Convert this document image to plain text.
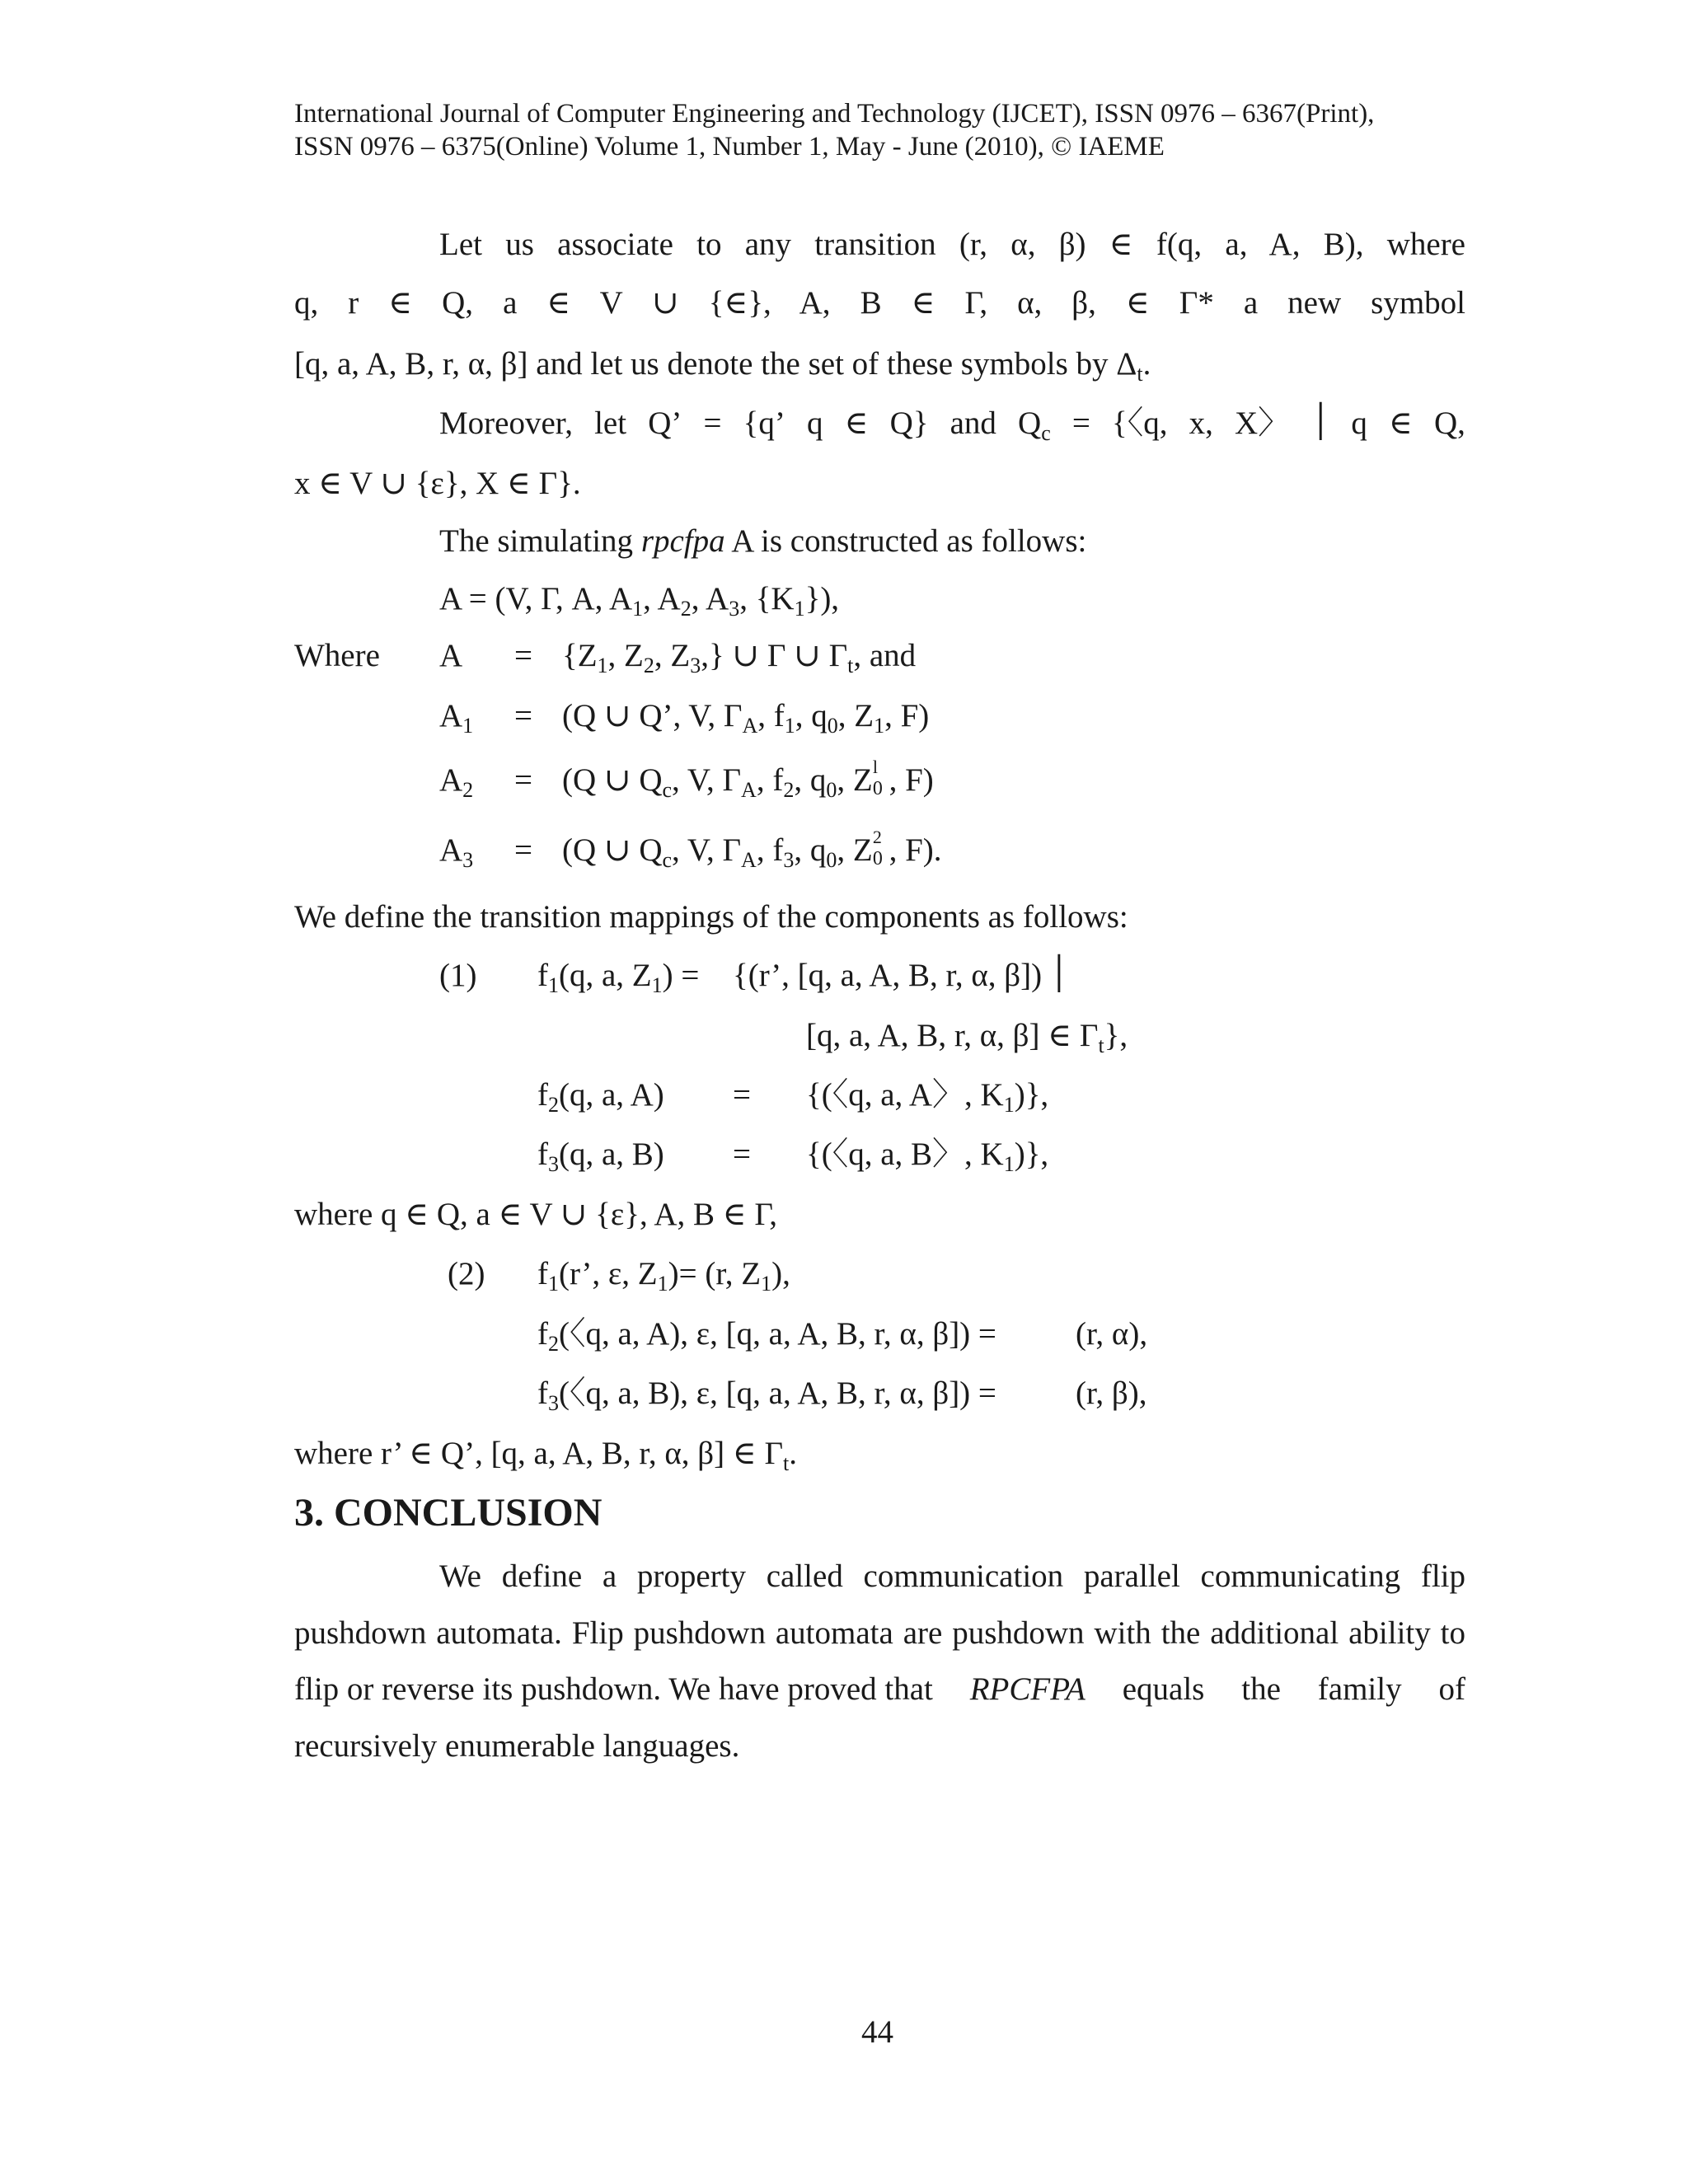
International Journal of Computer Engineering and Technology (IJCET), ISSN 0976 – 6367(Print),
ISSN 0976 – 6375(Online) Volume 1, Number 1, May - June (2010), © IAEME
Let us associate to any transition (r, α, β) ∈ f(q, a, A, B), where
q, r ∈ Q, a ∈ V ∪ {∈}, A, B ∈ Γ, α, β, ∈ Γ* a new symbol
[q, a, A, B, r, α, β] and let us denote the set of these symbols by $\Delta_t$.
Moreover, let Q’ = {q’ q ∈ Q} and $Q_c$ = {〈q, x, X〉 ׀ q ∈ Q,
x ∈ V ∪ {ε}, X ∈ Γ}.
The simulating rpcfpa A is constructed as follows:
A = (V, Γ, A, $A_1$, $A_2$, $A_3$, $\{K_1\}$),
Where $A = \{Z_1$, $Z_2$, $Z_3$,} ∪ Γ ∪ $\Gamma_t$, and
$A_1 = (Q$ ∪ Q’, V, $\Gamma_A$, $f_1$, $q_0$, $Z_1$, F)
$A_2 = (Q$ ∪ $Q_c$, V, $\Gamma_A$, $f_2$, $q_0$, Z l
0
, F)
$A_3 = (Q$ ∪ $Q_c$, V, $\Gamma_A$, $f_3$, $q_0$, Z 2
0
, F).
We define the transition mappings of the components as follows:
(1) $f_1(q$, a, $Z_1) = \{(r$’, [q, a, A, B, r, α, β]) ׀
[q, a, A, B, r, α, β] ∈ $\Gamma_t$},
$f_2(q$, a, A) = {(〈q, a, A〉, $K_1$)},
$f_3(q$, a, B) = {(〈q, a, B〉, $K_1$)},
where q ∈ Q, a ∈ V ∪ {ε}, A, B ∈ Γ,
(2) $f_1(r$’, ε, $Z_1)= (r$, $Z_1$),
$f_2$(〈q, a, A), ε, [q, a, A, B, r, α, β]) = (r, α),
$f_3$(〈q, a, B), ε, [q, a, A, B, r, α, β]) = (r, β),
where r’ ∈ Q’, [q, a, A, B, r, α, β] ∈ $\Gamma_t$.
3. CONCLUSION
We define a property called communication parallel communicating flip
pushdown automata. Flip pushdown automata are pushdown with the additional ability to
flip or reverse its pushdown. We have proved that RPCFPA equals the family of
recursively enumerable languages.
44
